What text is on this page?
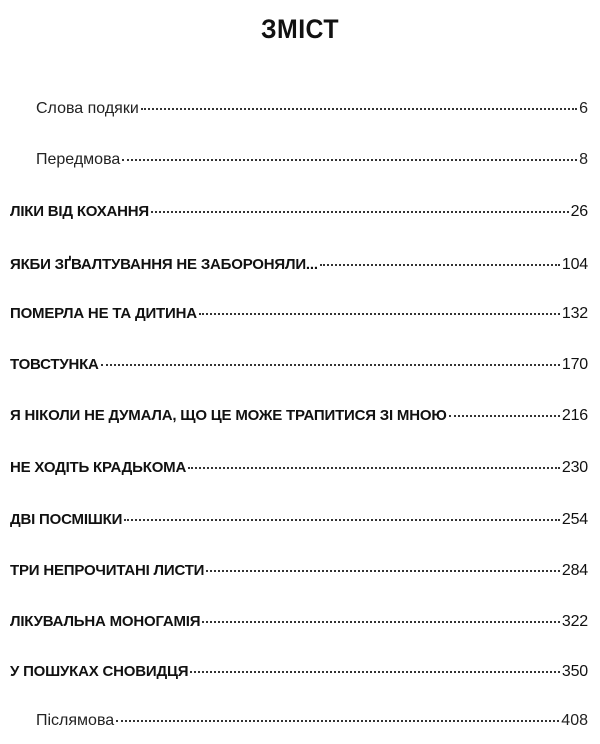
ЗМІСТ
Слова подяки	6
Передмова	8
ЛІКИ ВІД КОХАННЯ	26
ЯКБИ ЗҐВАЛТУВАННЯ НЕ ЗАБОРОНЯЛИ...	104
ПОМЕРЛА НЕ ТА ДИТИНА	132
ТОВСТУНКА	170
Я НІКОЛИ НЕ ДУМАЛА, ЩО ЦЕ МОЖЕ ТРАПИТИСЯ ЗІ МНОЮ	216
НЕ ХОДІТЬ КРАДЬКОМА	230
ДВІ ПОСМІШКИ	254
ТРИ НЕПРОЧИТАНІ ЛИСТИ	284
ЛІКУВАЛЬНА МОНОГАМІЯ	322
У ПОШУКАХ СНОВИДЦЯ	350
Післямова	408
